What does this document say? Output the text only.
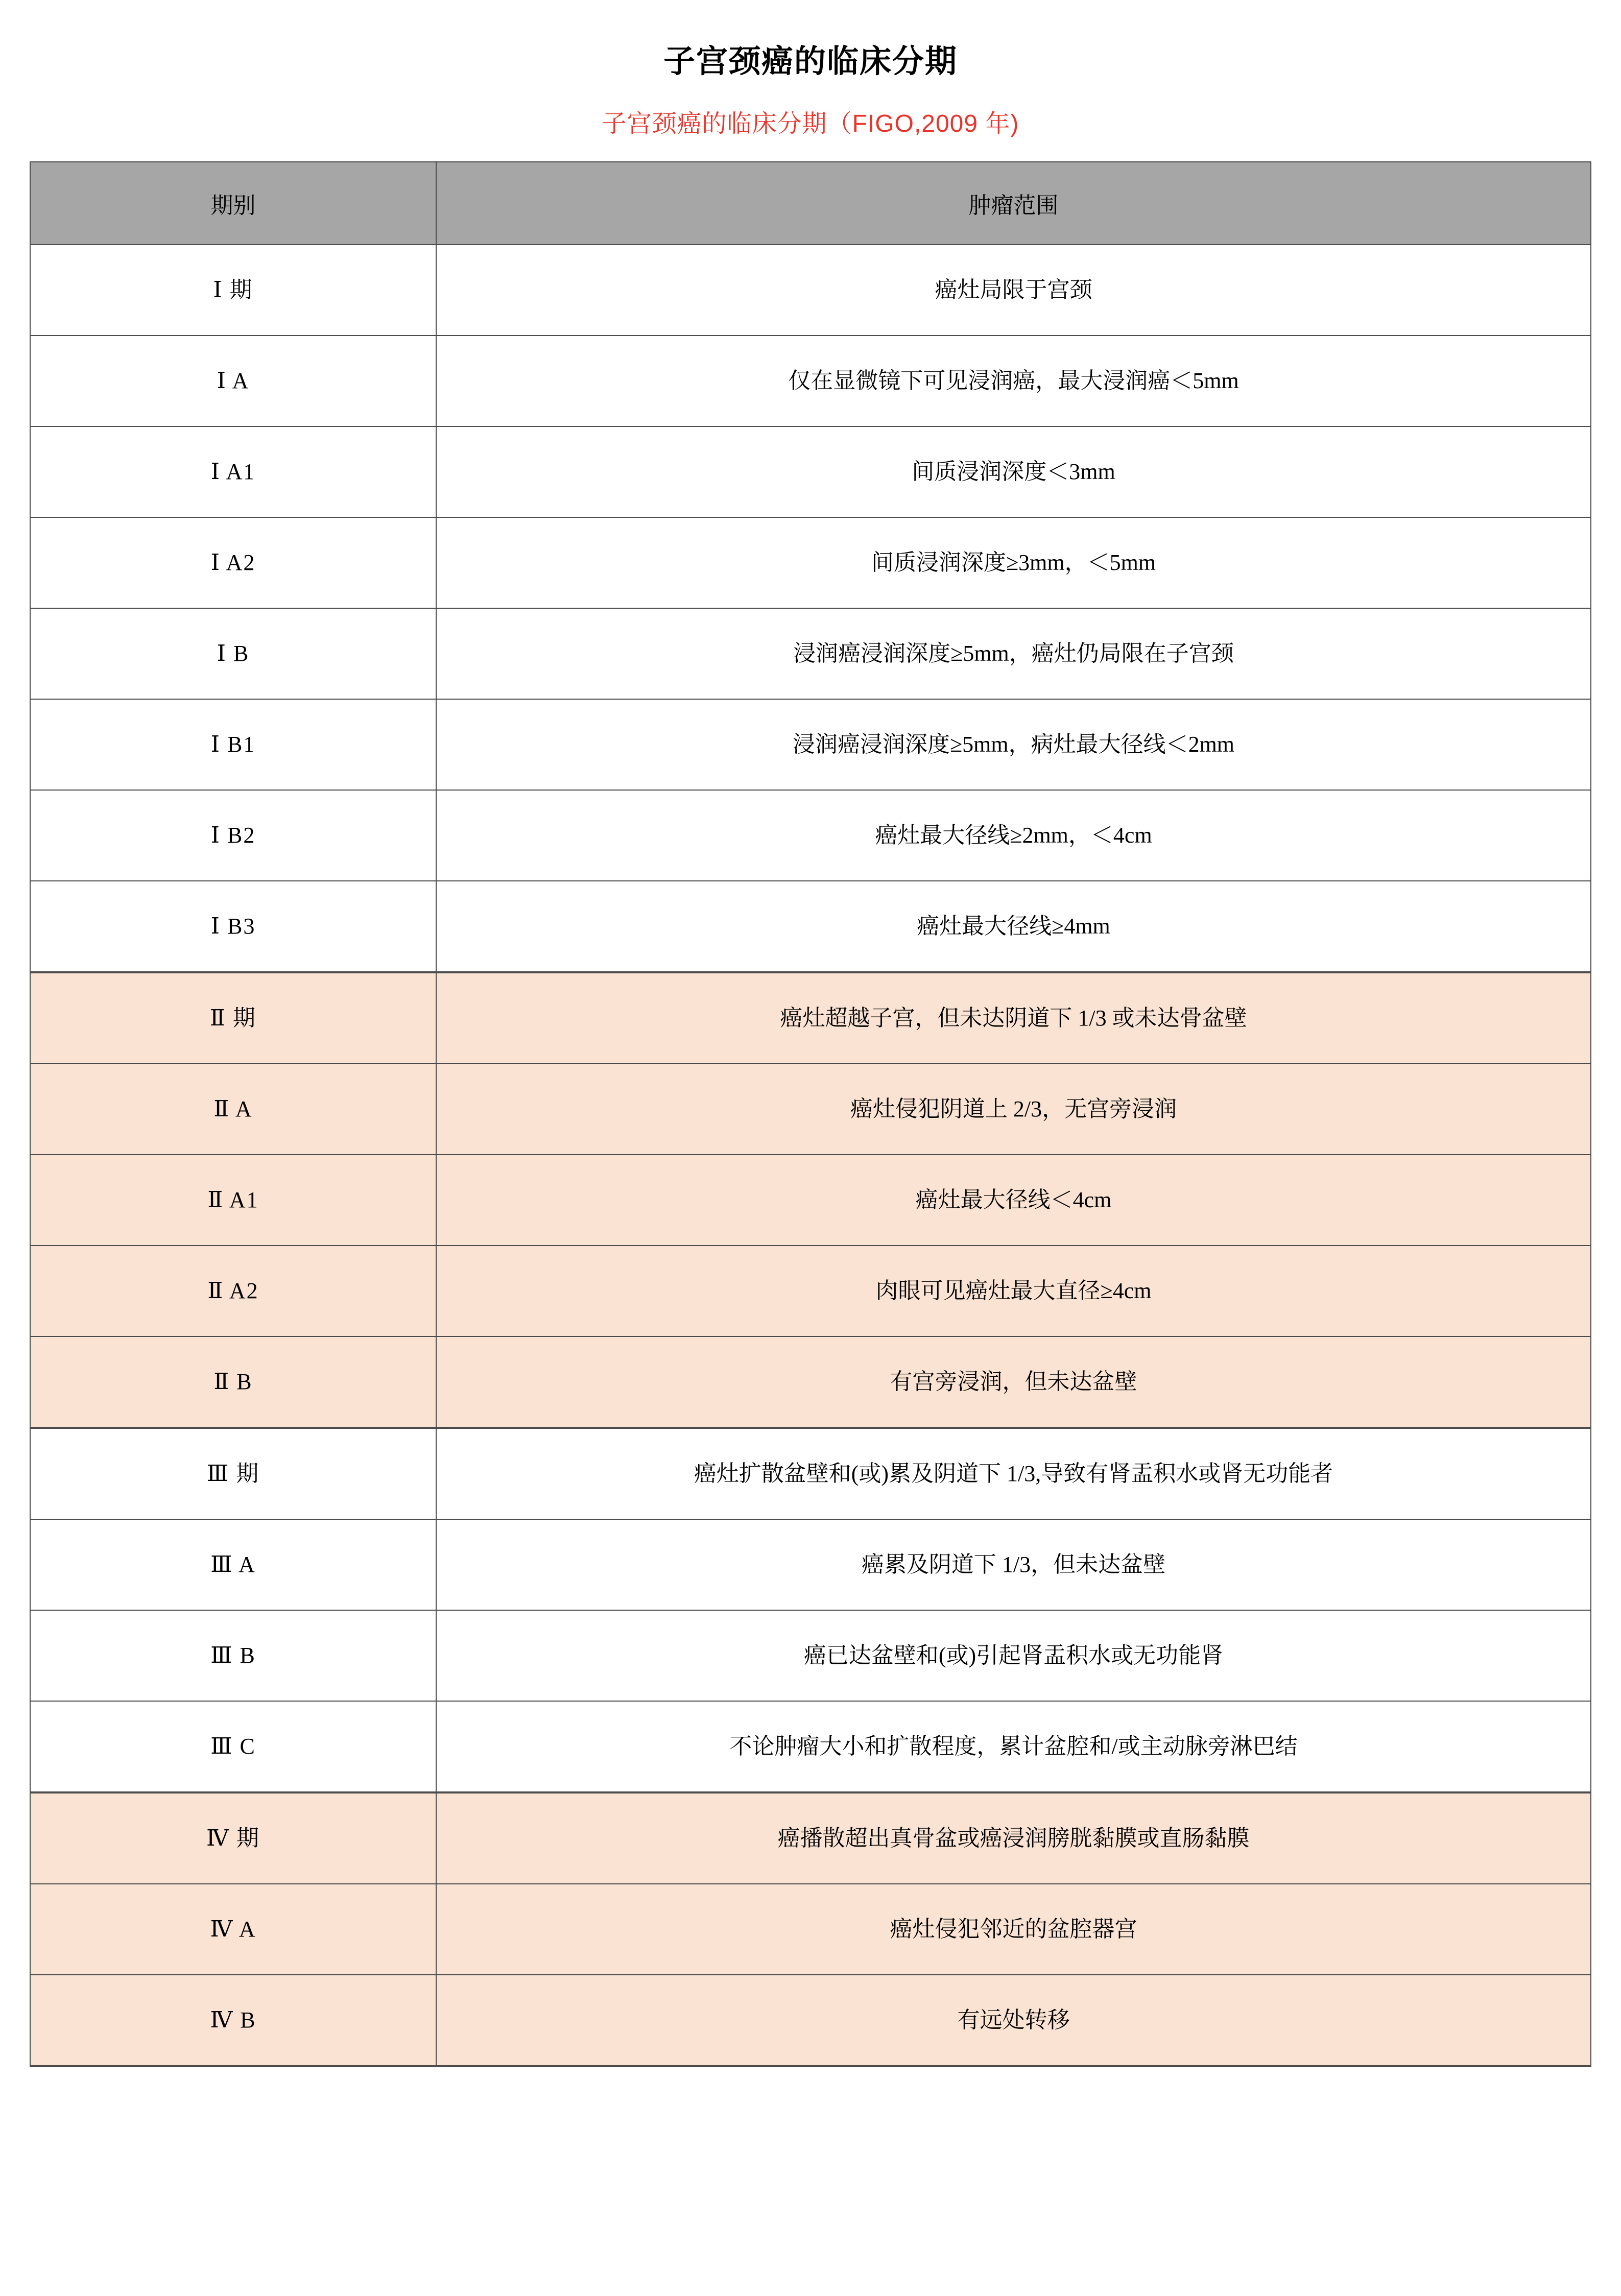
子宫颈癌的临床分期
子宫颈癌的临床分期（FIGO,2009 年)
期别	肿瘤范围
Ⅰ 期	癌灶局限于宫颈
Ⅰ A	仅在显微镜下可见浸润癌，最大浸润癌＜5mm
Ⅰ A1	间质浸润深度＜3mm
Ⅰ A2	间质浸润深度≥3mm，＜5mm
Ⅰ B	浸润癌浸润深度≥5mm，癌灶仍局限在子宫颈
Ⅰ B1	浸润癌浸润深度≥5mm，病灶最大径线＜2mm
Ⅰ B2	癌灶最大径线≥2mm，＜4cm
Ⅰ B3	癌灶最大径线≥4mm
Ⅱ 期	癌灶超越子宫，但未达阴道下 1/3 或未达骨盆壁
Ⅱ A	癌灶侵犯阴道上 2/3，无宫旁浸润
Ⅱ A1	癌灶最大径线＜4cm
Ⅱ A2	肉眼可见癌灶最大直径≥4cm
Ⅱ B	有宫旁浸润，但未达盆壁
Ⅲ 期	癌灶扩散盆壁和(或)累及阴道下 1/3,导致有肾盂积水或肾无功能者
Ⅲ A	癌累及阴道下 1/3，但未达盆壁
Ⅲ B	癌已达盆壁和(或)引起肾盂积水或无功能肾
Ⅲ C	不论肿瘤大小和扩散程度，累计盆腔和/或主动脉旁淋巴结
Ⅳ 期	癌播散超出真骨盆或癌浸润膀胱黏膜或直肠黏膜
Ⅳ A	癌灶侵犯邻近的盆腔器宫
Ⅳ B	有远处转移
